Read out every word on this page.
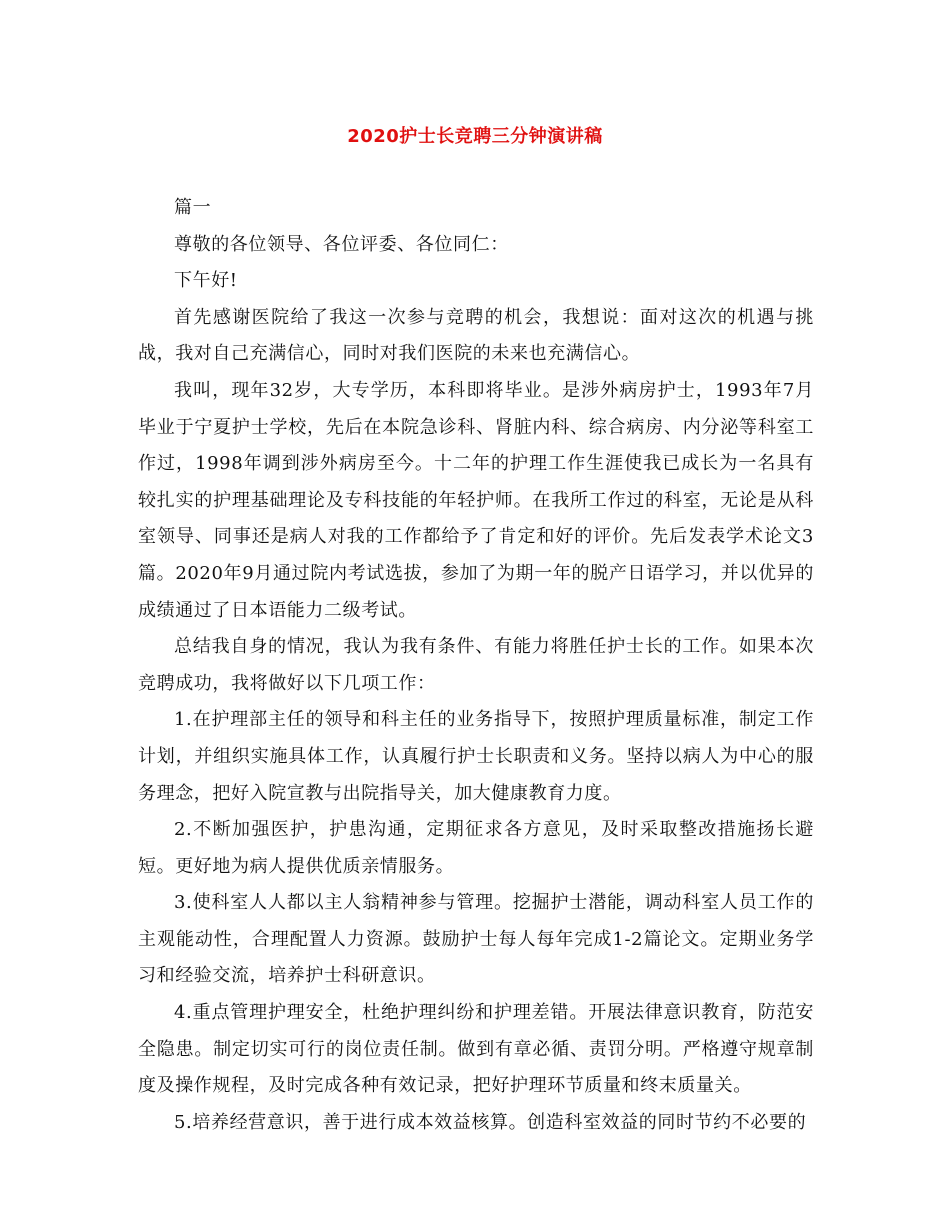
2020护士长竞聘三分钟演讲稿

篇一

尊敬的各位领导、各位评委、各位同仁：

下午好!

首先感谢医院给了我这一次参与竞聘的机会，我想说：面对这次的机遇与挑战，我对自己充满信心，同时对我们医院的未来也充满信心。

我叫，现年32岁，大专学历，本科即将毕业。是涉外病房护士，1993年7月毕业于宁夏护士学校，先后在本院急诊科、肾脏内科、综合病房、内分泌等科室工作过，1998年调到涉外病房至今。十二年的护理工作生涯使我已成长为一名具有较扎实的护理基础理论及专科技能的年轻护师。在我所工作过的科室，无论是从科室领导、同事还是病人对我的工作都给予了肯定和好的评价。先后发表学术论文3篇。2020年9月通过院内考试选拔，参加了为期一年的脱产日语学习，并以优异的成绩通过了日本语能力二级考试。

总结我自身的情况，我认为我有条件、有能力将胜任护士长的工作。如果本次竞聘成功，我将做好以下几项工作：

1.在护理部主任的领导和科主任的业务指导下，按照护理质量标准，制定工作计划，并组织实施具体工作，认真履行护士长职责和义务。坚持以病人为中心的服务理念，把好入院宣教与出院指导关，加大健康教育力度。

2.不断加强医护，护患沟通，定期征求各方意见，及时采取整改措施扬长避短。更好地为病人提供优质亲情服务。

3.使科室人人都以主人翁精神参与管理。挖掘护士潜能，调动科室人员工作的主观能动性，合理配置人力资源。鼓励护士每人每年完成1-2篇论文。定期业务学习和经验交流，培养护士科研意识。

4.重点管理护理安全，杜绝护理纠纷和护理差错。开展法律意识教育，防范安全隐患。制定切实可行的岗位责任制。做到有章必循、责罚分明。严格遵守规章制度及操作规程，及时完成各种有效记录，把好护理环节质量和终末质量关。

5.培养经营意识，善于进行成本效益核算。创造科室效益的同时节约不必要的
